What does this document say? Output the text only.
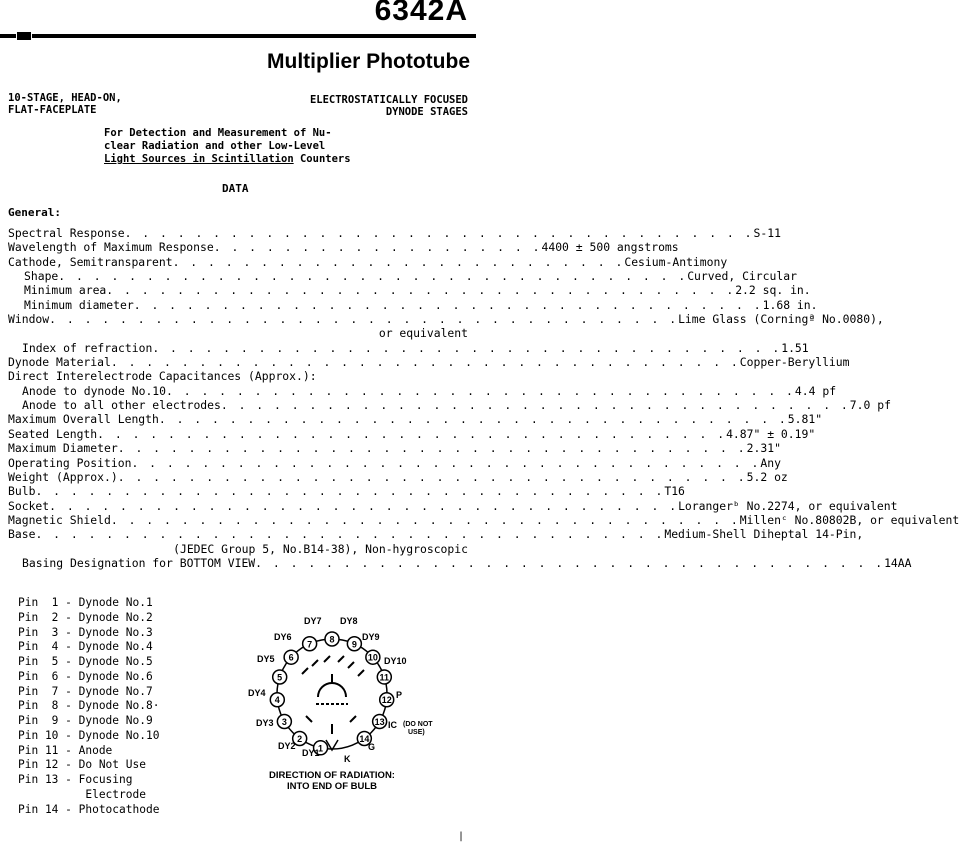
6342A
Multiplier Phototube
10-STAGE, HEAD-ON,
FLAT-FACEPLATE
ELECTROSTATICALLY FOCUSED
DYNODE STAGES
For Detection and Measurement of Nu-
clear Radiation and other Low-Level
Light Sources in Scintillation Counters
DATA
General:
Spectral Response . . . . . . . . . . . . . . . . . . . . . . . . . . . . . . . . . . . . S-11
Wavelength of Maximum Response . . . . . . . . . . . . . . . . . . . 4400 ± 500 angstroms
Cathode, Semitransparent . . . . . . . . . . . . . . . . . . . . . . . . . . Cesium-Antimony
Shape . . . . . . . . . . . . . . . . . . . . . . . . . . . . . . . . . . . . Curved, Circular
Minimum area . . . . . . . . . . . . . . . . . . . . . . . . . . . . . . . . . . . . 2.2 sq. in.
Minimum diameter . . . . . . . . . . . . . . . . . . . . . . . . . . . . . . . . . . . . 1.68 in.
Window . . . . . . . . . . . . . . . . . . . . . . . . . . . . . . . . . . . . Lime Glass (Corningª No.0080),
or equivalent
Index of refraction . . . . . . . . . . . . . . . . . . . . . . . . . . . . . . . . . . . . 1.51
Dynode Material . . . . . . . . . . . . . . . . . . . . . . . . . . . . . . . . . . . . Copper-Beryllium
Direct Interelectrode Capacitances (Approx.):
Anode to dynode No.10 . . . . . . . . . . . . . . . . . . . . . . . . . . . . . . . . . . . . 4.4 pf
Anode to all other electrodes . . . . . . . . . . . . . . . . . . . . . . . . . . . . . . . . . . . . 7.0 pf
Maximum Overall Length . . . . . . . . . . . . . . . . . . . . . . . . . . . . . . . . . . . . 5.81"
Seated Length . . . . . . . . . . . . . . . . . . . . . . . . . . . . . . . . . . . . 4.87" ± 0.19"
Maximum Diameter . . . . . . . . . . . . . . . . . . . . . . . . . . . . . . . . . . . . 2.31"
Operating Position . . . . . . . . . . . . . . . . . . . . . . . . . . . . . . . . . . . . Any
Weight (Approx.) . . . . . . . . . . . . . . . . . . . . . . . . . . . . . . . . . . . . 5.2 oz
Bulb . . . . . . . . . . . . . . . . . . . . . . . . . . . . . . . . . . . . T16
Socket . . . . . . . . . . . . . . . . . . . . . . . . . . . . . . . . . . . . Lorangerᵇ No.2274, or equivalent
Magnetic Shield . . . . . . . . . . . . . . . . . . . . . . . . . . . . . . . . . . . . Millenᶜ No.80802B, or equivalent
Base . . . . . . . . . . . . . . . . . . . . . . . . . . . . . . . . . . . . Medium-Shell Diheptal 14-Pin,
(JEDEC Group 5, No.B14-38), Non-hygroscopic
Basing Designation for BOTTOM VIEW . . . . . . . . . . . . . . . . . . . . . . . . . . . . . . . . . . . . 14AA
Pin  1 - Dynode No.1
Pin  2 - Dynode No.2
Pin  3 - Dynode No.3
Pin  4 - Dynode No.4
Pin  5 - Dynode No.5
Pin  6 - Dynode No.6
Pin  7 - Dynode No.7
Pin  8 - Dynode No.8·
Pin  9 - Dynode No.9
Pin 10 - Dynode No.10
Pin 11 - Anode
Pin 12 - Do Not Use
Pin 13 - Focusing
Electrode
Pin 14 - Photocathode
1
2
3
4
5
6
7 8 9
10
11
12
13
14
DY1
DY2
DY3
DY4
DY5
DY6
DY7 DY8
DY9
DY10
P
IC (DO NOT
USE)
G
K
DIRECTION OF RADIATION:
INTO END OF BULB
|
